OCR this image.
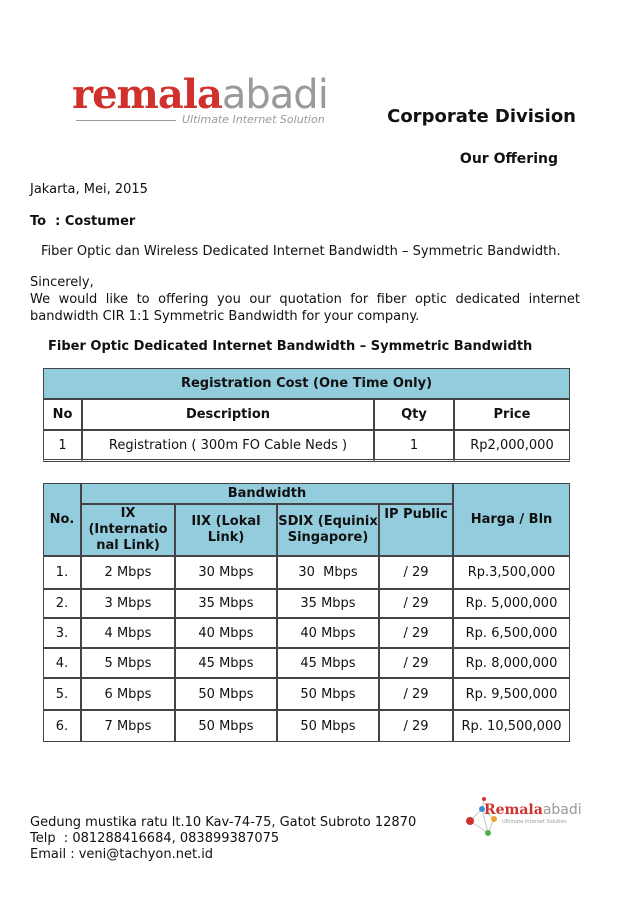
remalaabadi
Ultimate Internet Solution	Corporate Division
Our Offering
Jakarta, Mei, 2015
To  : Costumer
Fiber Optic dan Wireless Dedicated Internet Bandwidth – Symmetric Bandwidth.
Sincerely,
We would like to offering you our quotation for fiber optic dedicated internet bandwidth CIR 1:1 Symmetric Bandwidth for your company.
Fiber Optic Dedicated Internet Bandwidth – Symmetric Bandwidth
Registration Cost (One Time Only)			
No	Description	Qty	Price
1	Registration ( 300m FO Cable Neds )	1	Rp2,000,000
No.	Bandwidth				Harga / Bln
	IX (Internatio nal Link)	IIX (Lokal Link)	SDIX (Equinix Singapore)	IP Public	
1.	2 Mbps	30 Mbps	30  Mbps	/ 29	Rp.3,500,000
2.	3 Mbps	35 Mbps	35 Mbps	/ 29	Rp. 5,000,000
3.	4 Mbps	40 Mbps	40 Mbps	/ 29	Rp. 6,500,000
4.	5 Mbps	45 Mbps	45 Mbps	/ 29	Rp. 8,000,000
5.	6 Mbps	50 Mbps	50 Mbps	/ 29	Rp. 9,500,000
6.	7 Mbps	50 Mbps	50 Mbps	/ 29	Rp. 10,500,000
Gedung mustika ratu lt.10 Kav-74-75, Gatot Subroto 12870
Telp  : 081288416684, 083899387075
Email : veni@tachyon.net.id
Remalaabadi
Ultimate Internet Solution
